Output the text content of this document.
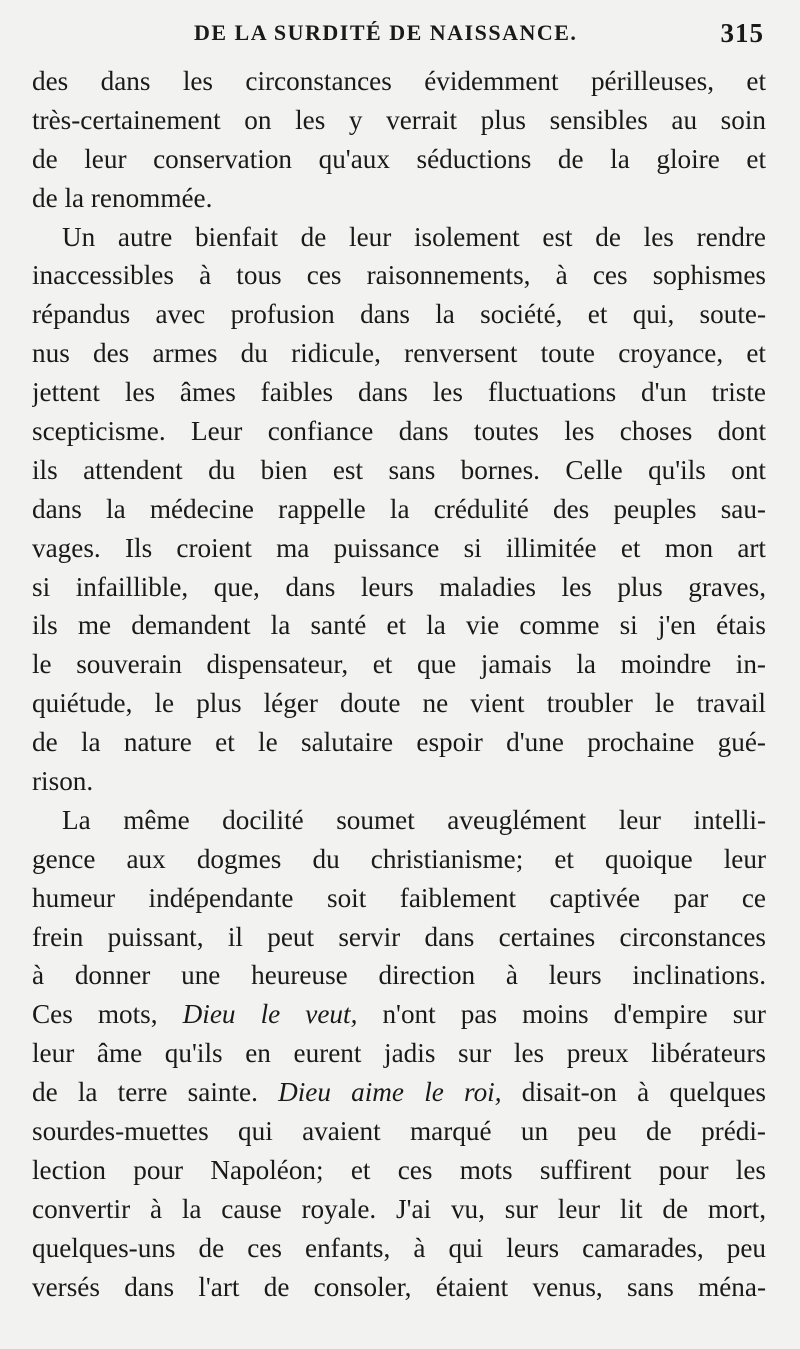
DE LA SURDITÉ DE NAISSANCE.	315
des dans les circonstances évidemment périlleuses, et
très-certainement on les y verrait plus sensibles au soin
de leur conservation qu'aux séductions de la gloire et
de la renommée.
Un autre bienfait de leur isolement est de les rendre
inaccessibles à tous ces raisonnements, à ces sophismes
répandus avec profusion dans la société, et qui, soute-
nus des armes du ridicule, renversent toute croyance, et
jettent les âmes faibles dans les fluctuations d'un triste
scepticisme. Leur confiance dans toutes les choses dont
ils attendent du bien est sans bornes. Celle qu'ils ont
dans la médecine rappelle la crédulité des peuples sau-
vages. Ils croient ma puissance si illimitée et mon art
si infaillible, que, dans leurs maladies les plus graves,
ils me demandent la santé et la vie comme si j'en étais
le souverain dispensateur, et que jamais la moindre in-
quiétude, le plus léger doute ne vient troubler le travail
de la nature et le salutaire espoir d'une prochaine gué-
rison.
La même docilité soumet aveuglément leur intelli-
gence aux dogmes du christianisme; et quoique leur
humeur indépendante soit faiblement captivée par ce
frein puissant, il peut servir dans certaines circonstances
à donner une heureuse direction à leurs inclinations.
Ces mots, Dieu le veut, n'ont pas moins d'empire sur
leur âme qu'ils en eurent jadis sur les preux libérateurs
de la terre sainte. Dieu aime le roi, disait-on à quelques
sourdes-muettes qui avaient marqué un peu de prédi-
lection pour Napoléon; et ces mots suffirent pour les
convertir à la cause royale. J'ai vu, sur leur lit de mort,
quelques-uns de ces enfants, à qui leurs camarades, peu
versés dans l'art de consoler, étaient venus, sans ména-
